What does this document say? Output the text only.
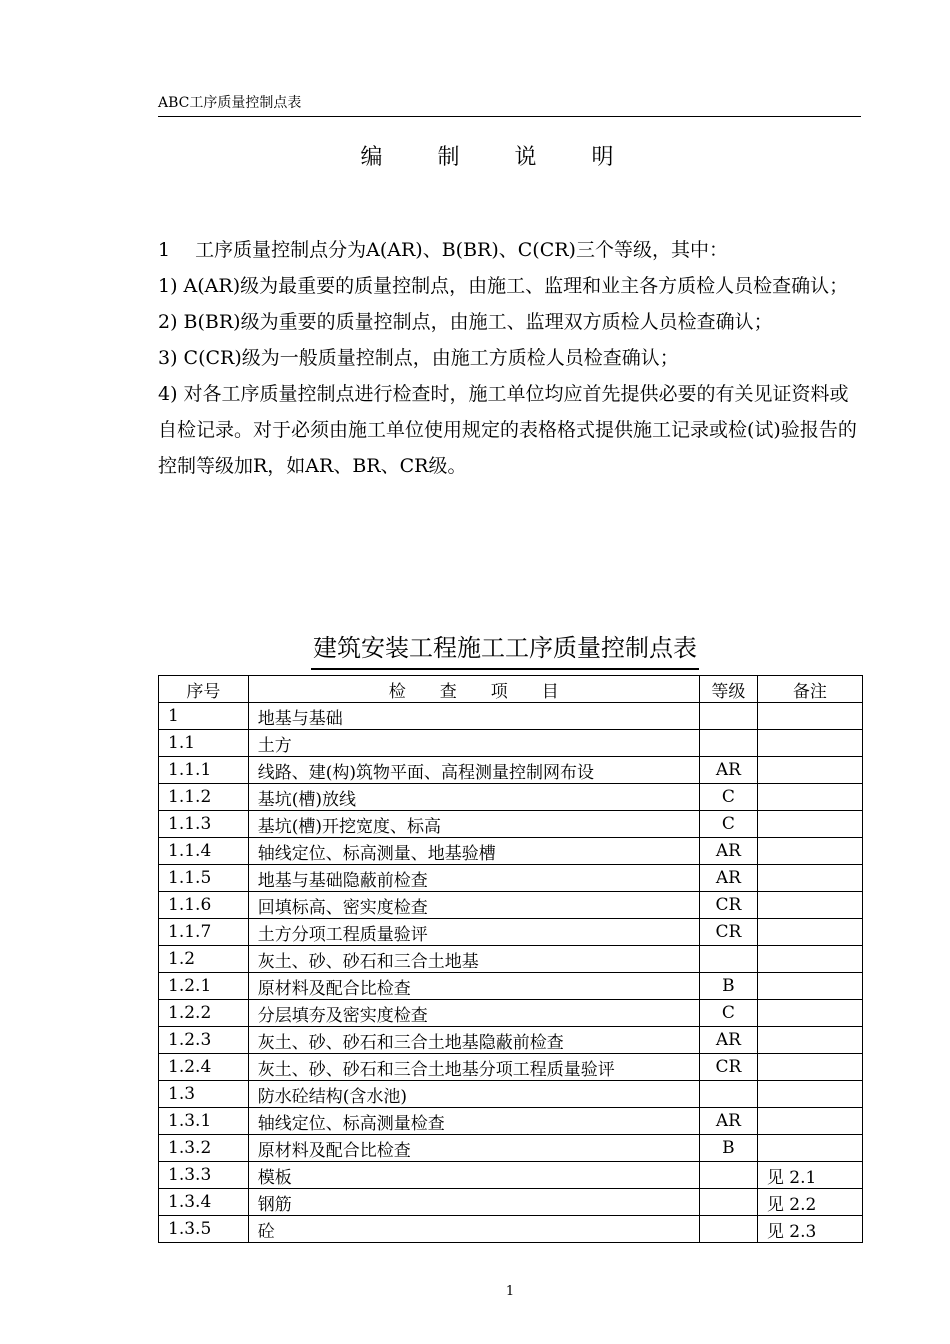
ABC工序质量控制点表
编 制 说 明

1　 工序质量控制点分为A(AR)、B(BR)、C(CR)三个等级，其中：

1) A(AR)级为最重要的质量控制点，由施工、监理和业主各方质检人员检查确认；

2) B(BR)级为重要的质量控制点，由施工、监理双方质检人员检查确认；

3) C(CR)级为一般质量控制点，由施工方质检人员检查确认；

4) 对各工序质量控制点进行检查时，施工单位均应首先提供必要的有关见证资料或自检记录。对于必须由施工单位使用规定的表格格式提供施工记录或检(试)验报告的控制等级加R，如AR、BR、CR级。

建筑安装工程施工工序质量控制点表
序号	检　　查　　项　　目	等级	备注
1	地基与基础		
1.1	土方		
1.1.1	线路、建(构)筑物平面、高程测量控制网布设	AR	
1.1.2	基坑(槽)放线	C	
1.1.3	基坑(槽)开挖宽度、标高	C	
1.1.4	轴线定位、标高测量、地基验槽	AR	
1.1.5	地基与基础隐蔽前检查	AR	
1.1.6	回填标高、密实度检查	CR	
1.1.7	土方分项工程质量验评	CR	
1.2	灰土、砂、砂石和三合土地基		
1.2.1	原材料及配合比检查	B	
1.2.2	分层填夯及密实度检查	C	
1.2.3	灰土、砂、砂石和三合土地基隐蔽前检查	AR	
1.2.4	灰土、砂、砂石和三合土地基分项工程质量验评	CR	
1.3	防水砼结构(含水池)		
1.3.1	轴线定位、标高测量检查	AR	
1.3.2	原材料及配合比检查	B	
1.3.3	模板		见 2.1
1.3.4	钢筋		见 2.2
1.3.5	砼		见 2.3
1
